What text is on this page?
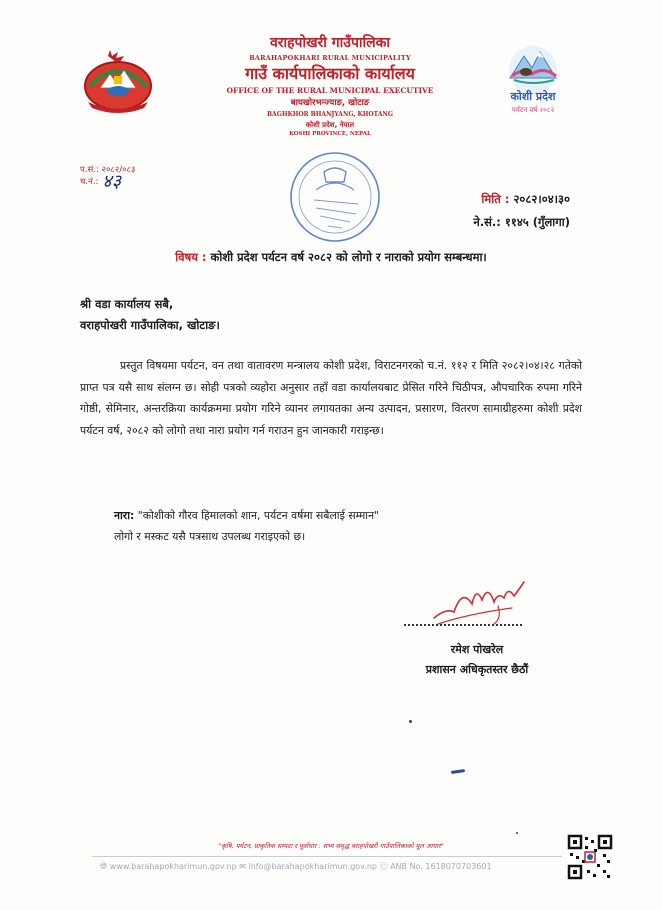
वराहपोखरी गाउँपालिका
BARAHAPOKHARI RURAL MUNICIPALITY
गाउँ कार्यपालिकाको कार्यालय
OFFICE OF THE RURAL MUNICIPAL EXECUTIVE
बाघखोरभन्ज्याङ, खोटाङ
BAGHKHOR BHANJYANG, KHOTANG
कोशी प्रदेश, नेपाल
KOSHI PROVINCE, NEPAL
कोशी प्रदेश
पर्यटन वर्ष २०८२
प.सं.: २०८२/०८३
च.नं.: ४३
मिति : २०८२।०४।३०
ने.सं.: ११४५ (गुँलागा)
विषय : कोशी प्रदेश पर्यटन वर्ष २०८२ को लोगो र नाराको प्रयोग सम्बन्धमा।
श्री वडा कार्यालय सबै,
वराहपोखरी गाउँपालिका, खोटाङ।
प्रस्तुत विषयमा पर्यटन, वन तथा वातावरण मन्त्रालय कोशी प्रदेश, विराटनगरको च.नं. ११२ र मिति २०८२।०४।२८ गतेको प्राप्त पत्र यसै साथ संलग्न छ। सोही पत्रको व्यहोरा अनुसार तहाँ वडा कार्यालयबाट प्रेसित गरिने चिठीपत्र, औपचारिक रुपमा गरिने गोष्ठी, सेमिनार, अन्तरक्रिया कार्यक्रममा प्रयोग गरिने व्यानर लगायतका अन्य उत्पादन, प्रसारण, वितरण सामाग्रीहरुमा कोशी प्रदेश पर्यटन वर्ष, २०८२ को लोगो तथा नारा प्रयोग गर्न गराउन हुन जानकारी गराइन्छ।
नारा: "कोशीको गौरव हिमालको शान, पर्यटन वर्षमा सबैलाई सम्मान"
लोगो र मस्कट यसै पत्रसाथ उपलब्ध गराइएको छ।
रमेश पोखरेल
प्रशासन अधिकृतस्तर छैठौं
"कृषि, पर्यटन, प्राकृतिक सम्पदा र पूर्वाधार : सभ्य समृद्ध वराहपोखरी गाउँपालिकाको मूल आधार"
🌐︎ www.barahapokharimun.gov.np ✉ info@barahapokharimun.gov.np Ⓒ ANB No. 1618070703601
